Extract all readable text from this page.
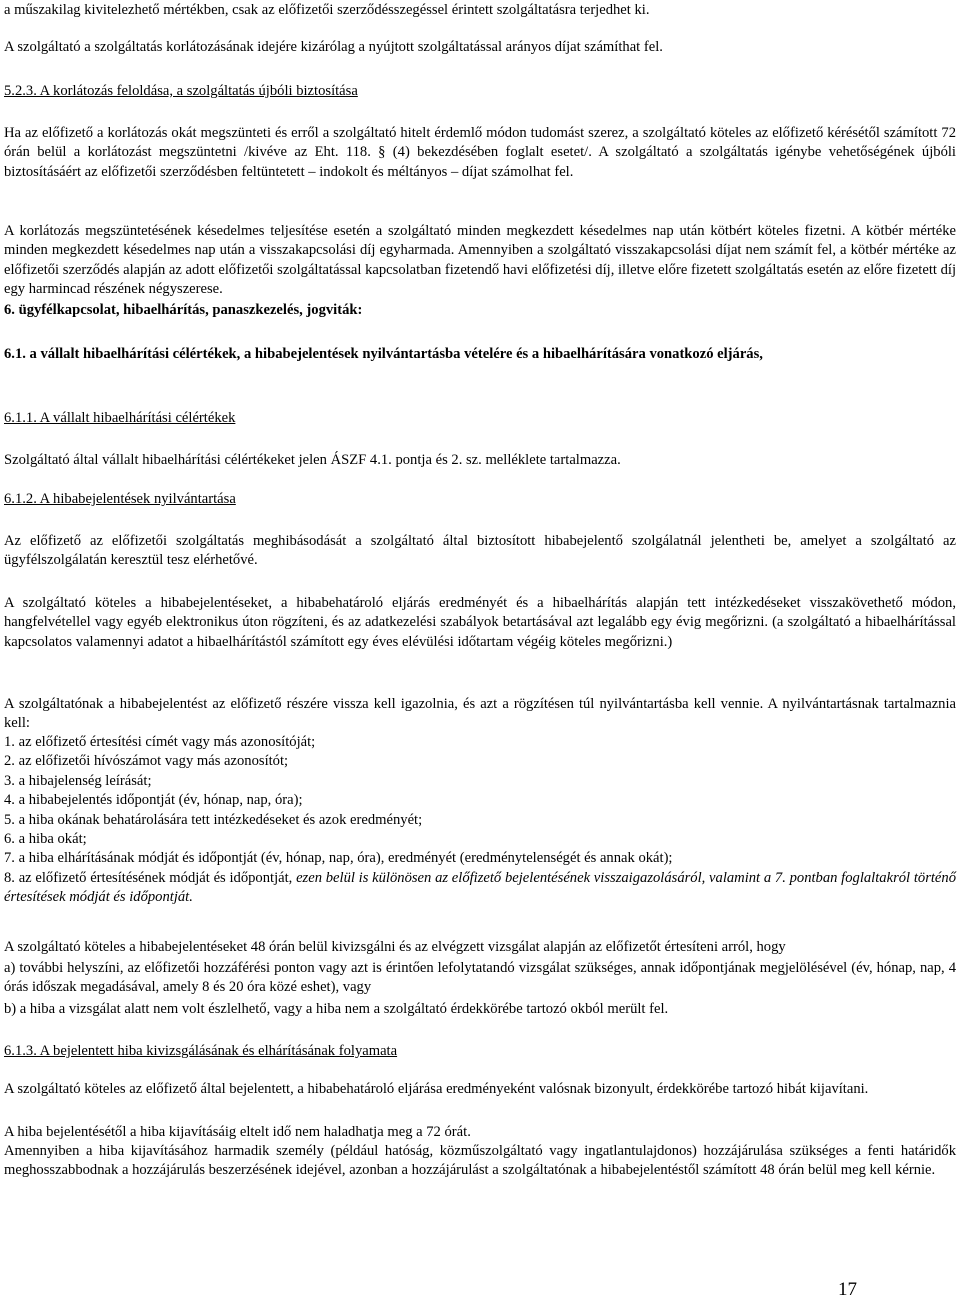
a műszakilag kivitelezhető mértékben, csak az előfizetői szerződésszegéssel érintett szolgáltatásra terjedhet ki.

A szolgáltató a szolgáltatás korlátozásának idejére kizárólag a nyújtott szolgáltatással arányos díjat számíthat fel.

5.2.3. A korlátozás feloldása, a szolgáltatás újbóli biztosítása

Ha az előfizető a korlátozás okát megszünteti és erről a szolgáltató hitelt érdemlő módon tudomást szerez, a szolgáltató köteles az előfizető kérésétől számított 72 órán belül a korlátozást megszüntetni /kivéve az Eht. 118. § (4) bekezdésében foglalt esetet/. A szolgáltató a szolgáltatás igénybe vehetőségének újbóli biztosításáért az előfizetői szerződésben feltüntetett – indokolt és méltányos – díjat számolhat fel.

A korlátozás megszüntetésének késedelmes teljesítése esetén a szolgáltató minden megkezdett késedelmes nap után kötbért köteles fizetni. A kötbér mértéke minden megkezdett késedelmes nap után a visszakapcsolási díj egyharmada. Amennyiben a szolgáltató visszakapcsolási díjat nem számít fel, a kötbér mértéke az előfizetői szerződés alapján az adott előfizetői szolgáltatással kapcsolatban fizetendő havi előfizetési díj, illetve előre fizetett szolgáltatás esetén az előre fizetett díj egy harmincad részének négyszerese.

6. ügyfélkapcsolat, hibaelhárítás, panaszkezelés, jogviták:

6.1. a vállalt hibaelhárítási célértékek, a hibabejelentések nyilvántartásba vételére és a hibaelhárítására vonatkozó eljárás,

6.1.1. A vállalt hibaelhárítási célértékek

Szolgáltató által vállalt hibaelhárítási célértékeket jelen ÁSZF 4.1. pontja és 2. sz. melléklete tartalmazza.

6.1.2. A hibabejelentések nyilvántartása

Az előfizető az előfizetői szolgáltatás meghibásodását a szolgáltató által biztosított hibabejelentő szolgálatnál jelentheti be, amelyet a szolgáltató az ügyfélszolgálatán keresztül tesz elérhetővé.

A szolgáltató köteles a hibabejelentéseket, a hibabehatároló eljárás eredményét és a hibaelhárítás alapján tett intézkedéseket visszakövethető módon, hangfelvétellel vagy egyéb elektronikus úton rögzíteni, és az adatkezelési szabályok betartásával azt legalább egy évig megőrizni. (a szolgáltató a hibaelhárítással kapcsolatos valamennyi adatot a hibaelhárítástól számított egy éves elévülési időtartam végéig köteles megőrizni.)

A szolgáltatónak a hibabejelentést az előfizető részére vissza kell igazolnia, és azt a rögzítésen túl nyilvántartásba kell vennie. A nyilvántartásnak tartalmaznia kell:

1. az előfizető értesítési címét vagy más azonosítóját;

2. az előfizetői hívószámot vagy más azonosítót;

3. a hibajelenség leírását;

4. a hibabejelentés időpontját (év, hónap, nap, óra);

5. a hiba okának behatárolására tett intézkedéseket és azok eredményét;

6. a hiba okát;

7. a hiba elhárításának módját és időpontját (év, hónap, nap, óra), eredményét (eredménytelenségét és annak okát);

8. az előfizető értesítésének módját és időpontját, ezen belül is különösen az előfizető bejelentésének visszaigazolásáról, valamint a 7. pontban foglaltakról történő értesítések módját és időpontját.

A szolgáltató köteles a hibabejelentéseket 48 órán belül kivizsgálni és az elvégzett vizsgálat alapján az előfizetőt értesíteni arról, hogy

a) további helyszíni, az előfizetői hozzáférési ponton vagy azt is érintően lefolytatandó vizsgálat szükséges, annak időpontjának megjelölésével (év, hónap, nap, 4 órás időszak megadásával, amely 8 és 20 óra közé eshet), vagy

b) a hiba a vizsgálat alatt nem volt észlelhető, vagy a hiba nem a szolgáltató érdekkörébe tartozó okból merült fel.

6.1.3. A bejelentett hiba kivizsgálásának és elhárításának folyamata

A szolgáltató köteles az előfizető által bejelentett, a hibabehatároló eljárása eredményeként valósnak bizonyult, érdekkörébe tartozó hibát kijavítani.

A hiba bejelentésétől a hiba kijavításáig eltelt idő nem haladhatja meg a 72 órát.

Amennyiben a hiba kijavításához harmadik személy (például hatóság, közműszolgáltató vagy ingatlantulajdonos) hozzájárulása szükséges a fenti határidők meghosszabbodnak a hozzájárulás beszerzésének idejével, azonban a hozzájárulást a szolgáltatónak a hibabejelentéstől számított 48 órán belül meg kell kérnie.

17
